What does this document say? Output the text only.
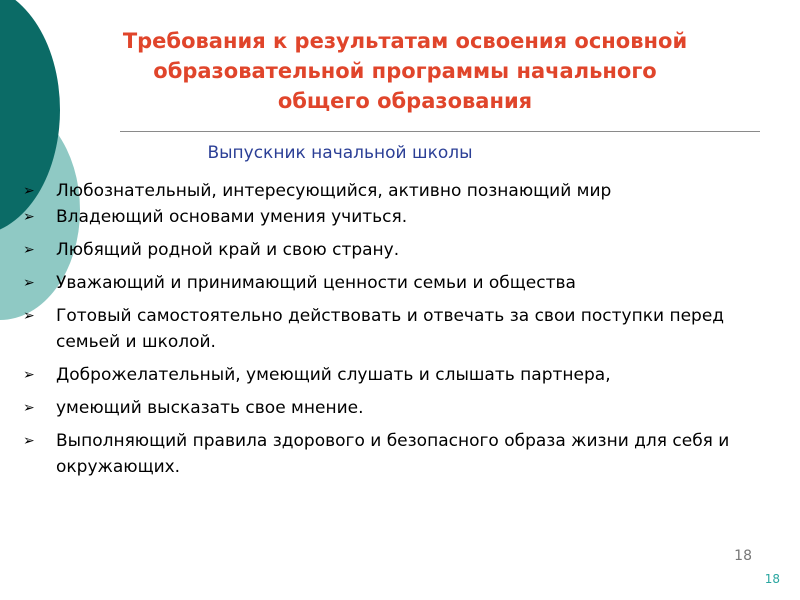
Требования к результатам освоения основной
образовательной программы начального
общего образования

Выпускник начальной школы

➢	Любознательный, интересующийся, активно познающий мир
➢	Владеющий основами умения учиться.
➢	Любящий родной край и свою страну.
➢	Уважающий и принимающий ценности семьи и общества
➢	Готовый самостоятельно действовать и отвечать за свои поступки перед семьей и школой.
➢	Доброжелательный, умеющий слушать и слышать партнера,
➢	умеющий высказать свое мнение.
➢	Выполняющий правила здорового и безопасного образа жизни для себя и окружающих.
18
18
